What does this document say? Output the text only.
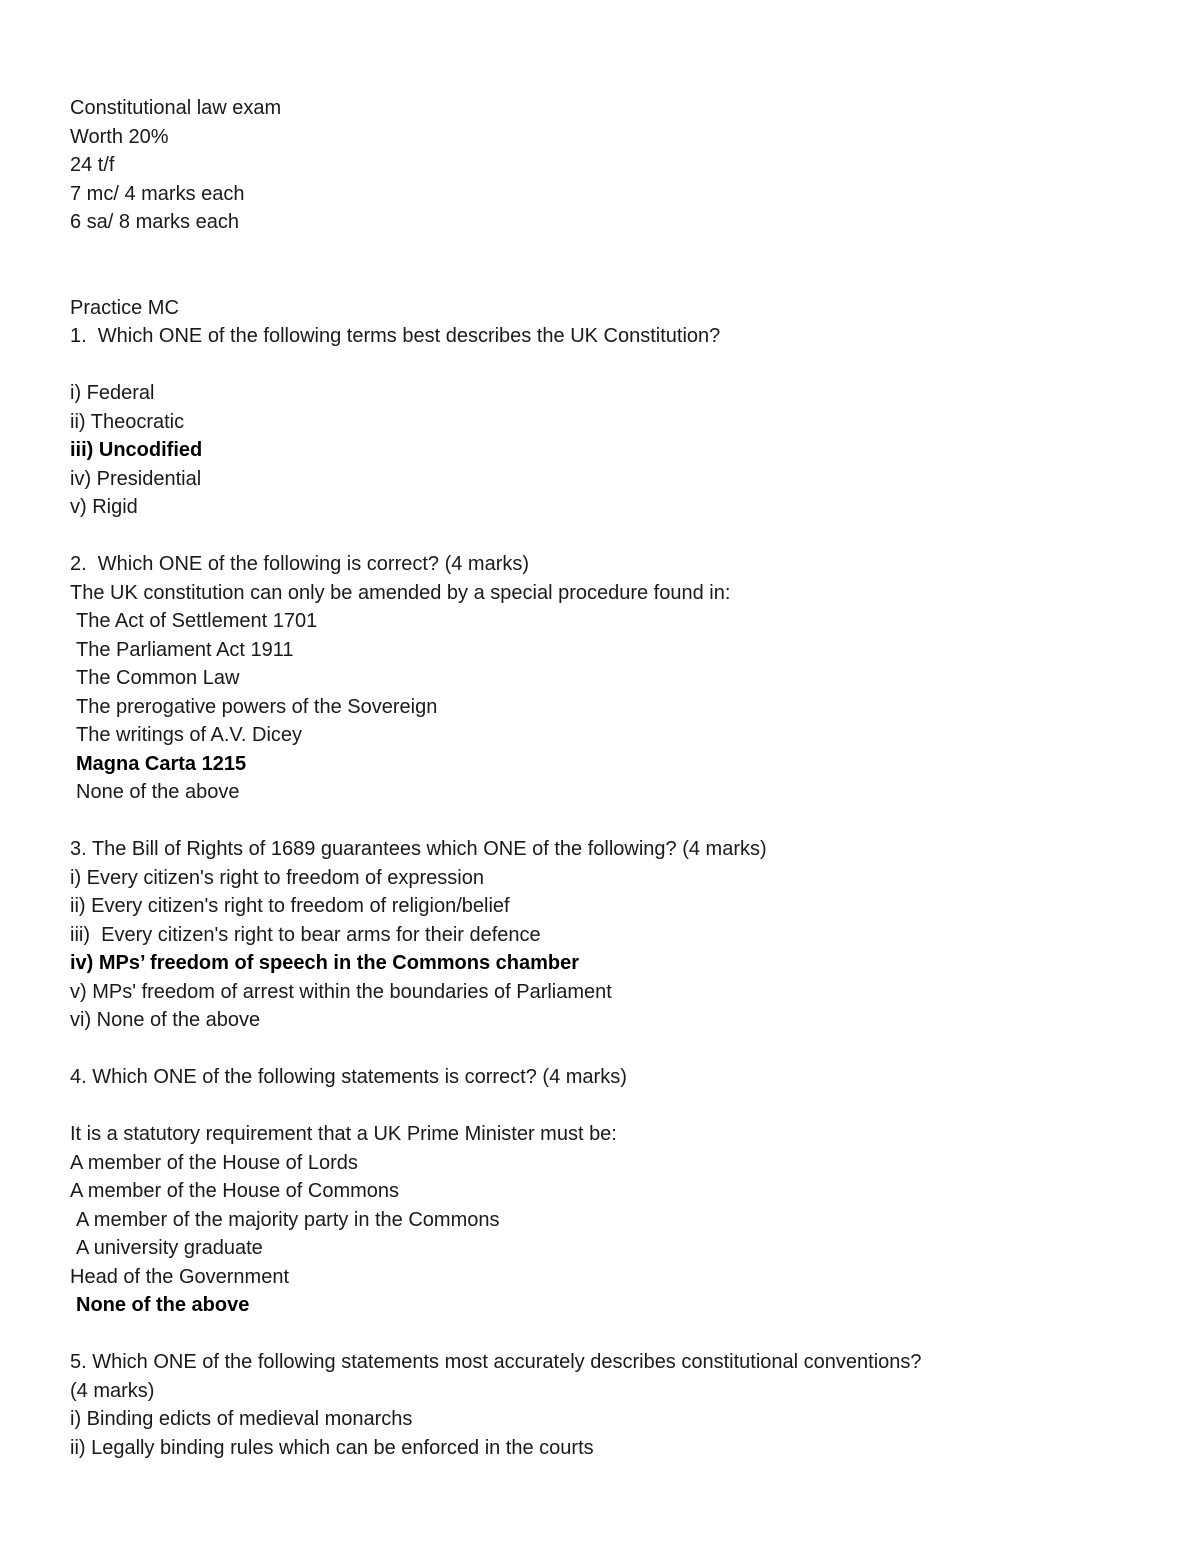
Constitutional law exam
Worth 20%
24 t/f
7 mc/ 4 marks each
6 sa/ 8 marks each
Practice MC
1.  Which ONE of the following terms best describes the UK Constitution?
i) Federal
ii) Theocratic
iii) Uncodified
iv) Presidential
v) Rigid
2.  Which ONE of the following is correct? (4 marks)
The UK constitution can only be amended by a special procedure found in:
The Act of Settlement 1701
The Parliament Act 1911
The Common Law
The prerogative powers of the Sovereign
The writings of A.V. Dicey
Magna Carta 1215
None of the above
3. The Bill of Rights of 1689 guarantees which ONE of the following? (4 marks)
i) Every citizen's right to freedom of expression
ii) Every citizen's right to freedom of religion/belief
iii)  Every citizen's right to bear arms for their defence
iv) MPs’ freedom of speech in the Commons chamber
v) MPs' freedom of arrest within the boundaries of Parliament
vi) None of the above
4. Which ONE of the following statements is correct? (4 marks)
It is a statutory requirement that a UK Prime Minister must be:
A member of the House of Lords
A member of the House of Commons
A member of the majority party in the Commons
A university graduate
Head of the Government
None of the above
5. Which ONE of the following statements most accurately describes constitutional conventions?
(4 marks)
i) Binding edicts of medieval monarchs
ii) Legally binding rules which can be enforced in the courts
